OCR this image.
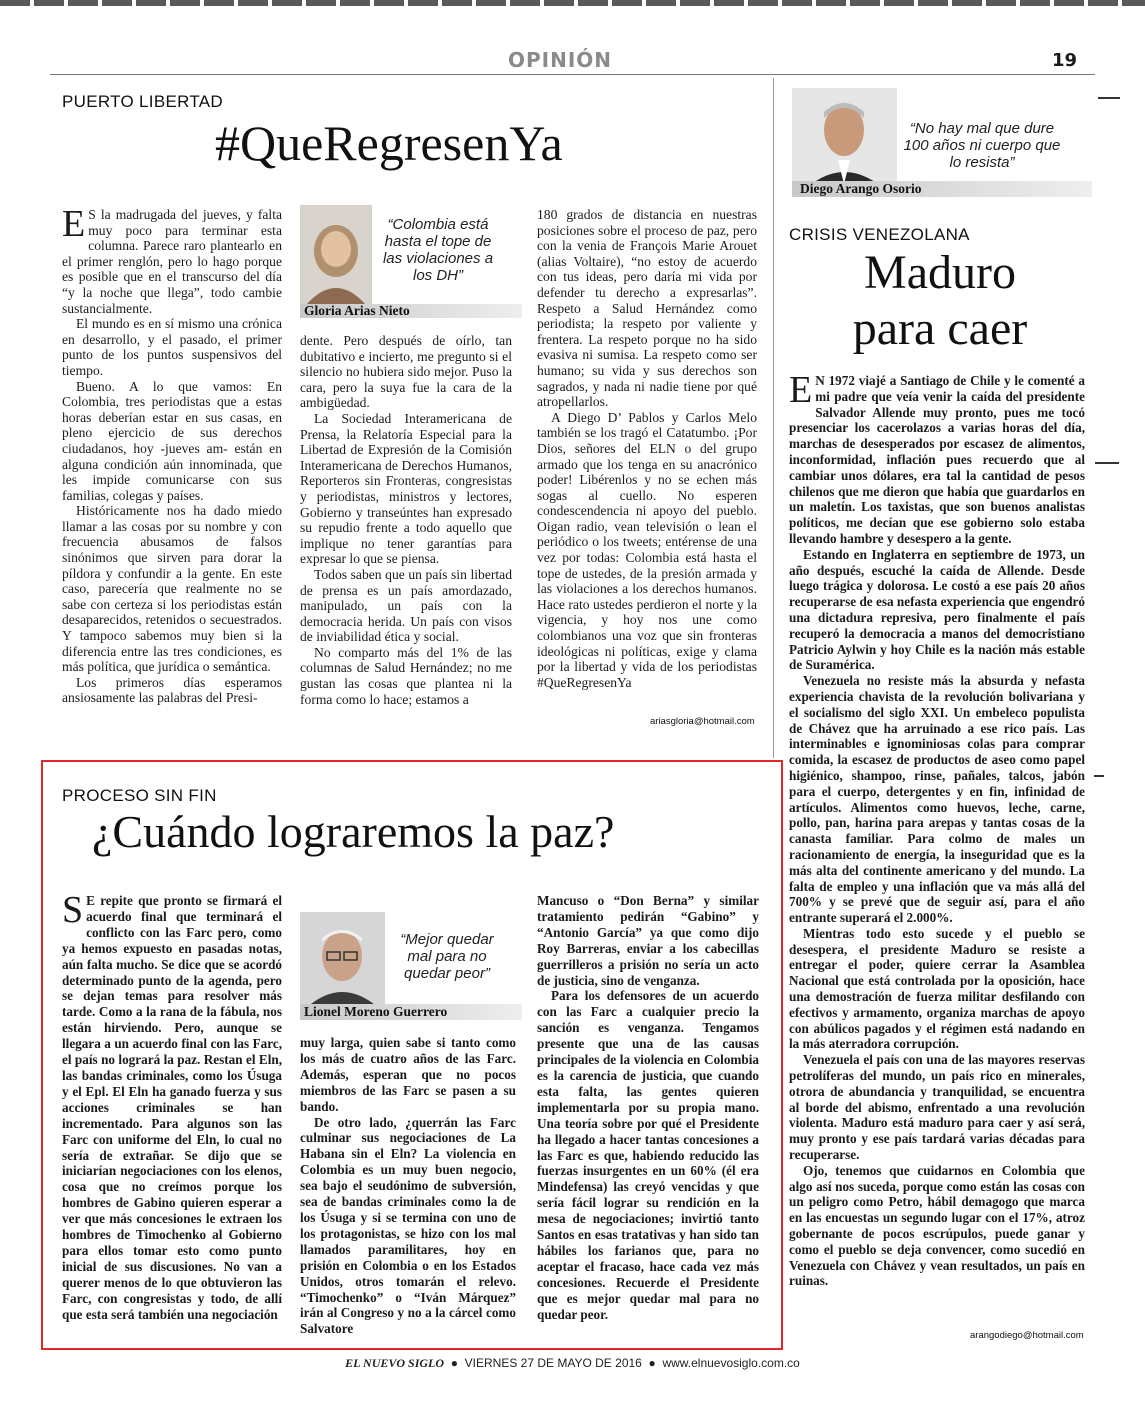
OPINIÓN	19
PUERTO LIBERTAD
#QueRegresenYa

E S la madrugada del jueves, y falta muy poco para terminar esta columna. Parece raro plantearlo en el primer renglón, pero lo hago porque es posible que en el transcurso del día “y la noche que llega”, todo cambie sustancialmente.

El mundo es en sí mismo una crónica en desarrollo, y el pasado, el primer punto de los puntos suspensivos del tiempo.

Bueno. A lo que vamos: En Colombia, tres periodistas que a estas horas deberían estar en sus casas, en pleno ejercicio de sus derechos ciudadanos, hoy -jueves am- están en alguna condición aún innominada, que les impide comunicarse con sus familias, colegas y países.

Históricamente nos ha dado miedo llamar a las cosas por su nombre y con frecuencia abusamos de falsos sinónimos que sirven para dorar la píldora y confundir a la gente. En este caso, parecería que realmente no se sabe con certeza si los periodistas están desaparecidos, retenidos o secuestrados. Y tampoco sabemos muy bien si la diferencia entre las tres condiciones, es más política, que jurídica o semántica.

Los primeros días esperamos ansiosamente las palabras del Presi-

“Colombia está hasta el tope de las violaciones a los DH”
Gloria Arias Nieto

dente. Pero después de oírlo, tan dubitativo e incierto, me pregunto si el silencio no hubiera sido mejor. Puso la cara, pero la suya fue la cara de la ambigüedad.

La Sociedad Interamericana de Prensa, la Relatoría Especial para la Libertad de Expresión de la Comisión Interamericana de Derechos Humanos, Reporteros sin Fronteras, congresistas y periodistas, ministros y lectores, Gobierno y transeúntes han expresado su repudio frente a todo aquello que implique no tener garantías para expresar lo que se piensa.

Todos saben que un país sin libertad de prensa es un país amordazado, manipulado, un país con la democracia herida. Un país con visos de inviabilidad ética y social.

No comparto más del 1% de las columnas de Salud Hernández; no me gustan las cosas que plantea ni la forma como lo hace; estamos a

180 grados de distancia en nuestras posiciones sobre el proceso de paz, pero con la venia de François Marie Arouet (alias Voltaire), “no estoy de acuerdo con tus ideas, pero daría mi vida por defender tu derecho a expresarlas”. Respeto a Salud Hernández como periodista; la respeto por valiente y frentera. La respeto porque no ha sido evasiva ni sumisa. La respeto como ser humano; su vida y sus derechos son sagrados, y nada ni nadie tiene por qué atropellarlos.

A Diego D’ Pablos y Carlos Melo también se los tragó el Catatumbo. ¡Por Dios, señores del ELN o del grupo armado que los tenga en su anacrónico poder! Libérenlos y no se echen más sogas al cuello. No esperen condescendencia ni apoyo del pueblo. Oigan radio, vean televisión o lean el periódico o los tweets; entérense de una vez por todas: Colombia está hasta el tope de ustedes, de la presión armada y las violaciones a los derechos humanos. Hace rato ustedes perdieron el norte y la vigencia, y hoy nos une como colombianos una voz que sin fronteras ideológicas ni políticas, exige y clama por la libertad y vida de los periodistas #QueRegresenYa

ariasgloria@hotmail.com
“No hay mal que dure 100 años ni cuerpo que lo resista”
Diego Arango Osorio
CRISIS VENEZOLANA
Maduro
para caer

E N 1972 viajé a Santiago de Chile y le comenté a mi padre que veía venir la caída del presidente Salvador Allende muy pronto, pues me tocó presenciar los cacerolazos a varias horas del día, marchas de desesperados por escasez de alimentos, inconformidad, inflación pues recuerdo que al cambiar unos dólares, era tal la cantidad de pesos chilenos que me dieron que había que guardarlos en un maletín. Los taxistas, que son buenos analistas políticos, me decían que ese gobierno solo estaba llevando hambre y desespero a la gente.

Estando en Inglaterra en septiembre de 1973, un año después, escuché la caída de Allende. Desde luego trágica y dolorosa. Le costó a ese país 20 años recuperarse de esa nefasta experiencia que engendró una dictadura represiva, pero finalmente el país recuperó la democracia a manos del democristiano Patricio Aylwin y hoy Chile es la nación más estable de Suramérica.

Venezuela no resiste más la absurda y nefasta experiencia chavista de la revolución bolivariana y el socialismo del siglo XXI. Un embeleco populista de Chávez que ha arruinado a ese rico país. Las interminables e ignominiosas colas para comprar comida, la escasez de productos de aseo como papel higiénico, shampoo, rinse, pañales, talcos, jabón para el cuerpo, detergentes y en fin, infinidad de artículos. Alimentos como huevos, leche, carne, pollo, pan, harina para arepas y tantas cosas de la canasta familiar. Para colmo de males un racionamiento de energía, la inseguridad que es la más alta del continente americano y del mundo. La falta de empleo y una inflación que va más allá del 700% y se prevé que de seguir así, para el año entrante superará el 2.000%.

Mientras todo esto sucede y el pueblo se desespera, el presidente Maduro se resiste a entregar el poder, quiere cerrar la Asamblea Nacional que está controlada por la oposición, hace una demostración de fuerza militar desfilando con efectivos y armamento, organiza marchas de apoyo con abúlicos pagados y el régimen está nadando en la más aterradora corrupción.

Venezuela el país con una de las mayores reservas petrolíferas del mundo, un país rico en minerales, otrora de abundancia y tranquilidad, se encuentra al borde del abismo, enfrentado a una revolución violenta. Maduro está maduro para caer y así será, muy pronto y ese país tardará varias décadas para recuperarse.

Ojo, tenemos que cuidarnos en Colombia que algo así nos suceda, porque como están las cosas con un peligro como Petro, hábil demagogo que marca en las encuestas un segundo lugar con el 17%, atroz gobernante de pocos escrúpulos, puede ganar y como el pueblo se deja convencer, como sucedió en Venezuela con Chávez y vean resultados, un país en ruinas.

arangodiego@hotmail.com
PROCESO SIN FIN
¿Cuándo lograremos la paz?

S E repite que pronto se firmará el acuerdo final que terminará el conflicto con las Farc pero, como ya hemos expuesto en pasadas notas, aún falta mucho. Se dice que se acordó determinado punto de la agenda, pero se dejan temas para resolver más tarde. Como a la rana de la fábula, nos están hirviendo. Pero, aunque se llegara a un acuerdo final con las Farc, el país no logrará la paz. Restan el Eln, las bandas criminales, como los Úsuga y el Epl. El Eln ha ganado fuerza y sus acciones criminales se han incrementado. Para algunos son las Farc con uniforme del Eln, lo cual no sería de extrañar. Se dijo que se iniciarían negociaciones con los elenos, cosa que no creímos porque los hombres de Gabino quieren esperar a ver que más concesiones le extraen los hombres de Timochenko al Gobierno para ellos tomar esto como punto inicial de sus discusiones. No van a querer menos de lo que obtuvieron las Farc, con congresistas y todo, de allí que esta será también una negociación

“Mejor quedar mal para no quedar peor”
Lionel Moreno Guerrero

muy larga, quien sabe si tanto como los más de cuatro años de las Farc. Además, esperan que no pocos miembros de las Farc se pasen a su bando.

De otro lado, ¿querrán las Farc culminar sus negociaciones de La Habana sin el Eln? La violencia en Colombia es un muy buen negocio, sea bajo el seudónimo de subversión, sea de bandas criminales como la de los Úsuga y si se termina con uno de los protagonistas, se hizo con los mal llamados paramilitares, hoy en prisión en Colombia o en los Estados Unidos, otros tomarán el relevo. “Timochenko” o “Iván Márquez” irán al Congreso y no a la cárcel como Salvatore

Mancuso o “Don Berna” y similar tratamiento pedirán “Gabino” y “Antonio García” ya que como dijo Roy Barreras, enviar a los cabecillas guerrilleros a prisión no sería un acto de justicia, sino de venganza.

Para los defensores de un acuerdo con las Farc a cualquier precio la sanción es venganza. Tengamos presente que una de las causas principales de la violencia en Colombia es la carencia de justicia, que cuando esta falta, las gentes quieren implementarla por su propia mano. Una teoría sobre por qué el Presidente ha llegado a hacer tantas concesiones a las Farc es que, habiendo reducido las fuerzas insurgentes en un 60% (él era Mindefensa) las creyó vencidas y que sería fácil lograr su rendición en la mesa de negociaciones; invirtió tanto Santos en esas tratativas y han sido tan hábiles los farianos que, para no aceptar el fracaso, hace cada vez más concesiones. Recuerde el Presidente que es mejor quedar mal para no quedar peor.

EL NUEVO SIGLO ● VIERNES 27 DE MAYO DE 2016 ● www.elnuevosiglo.com.co
